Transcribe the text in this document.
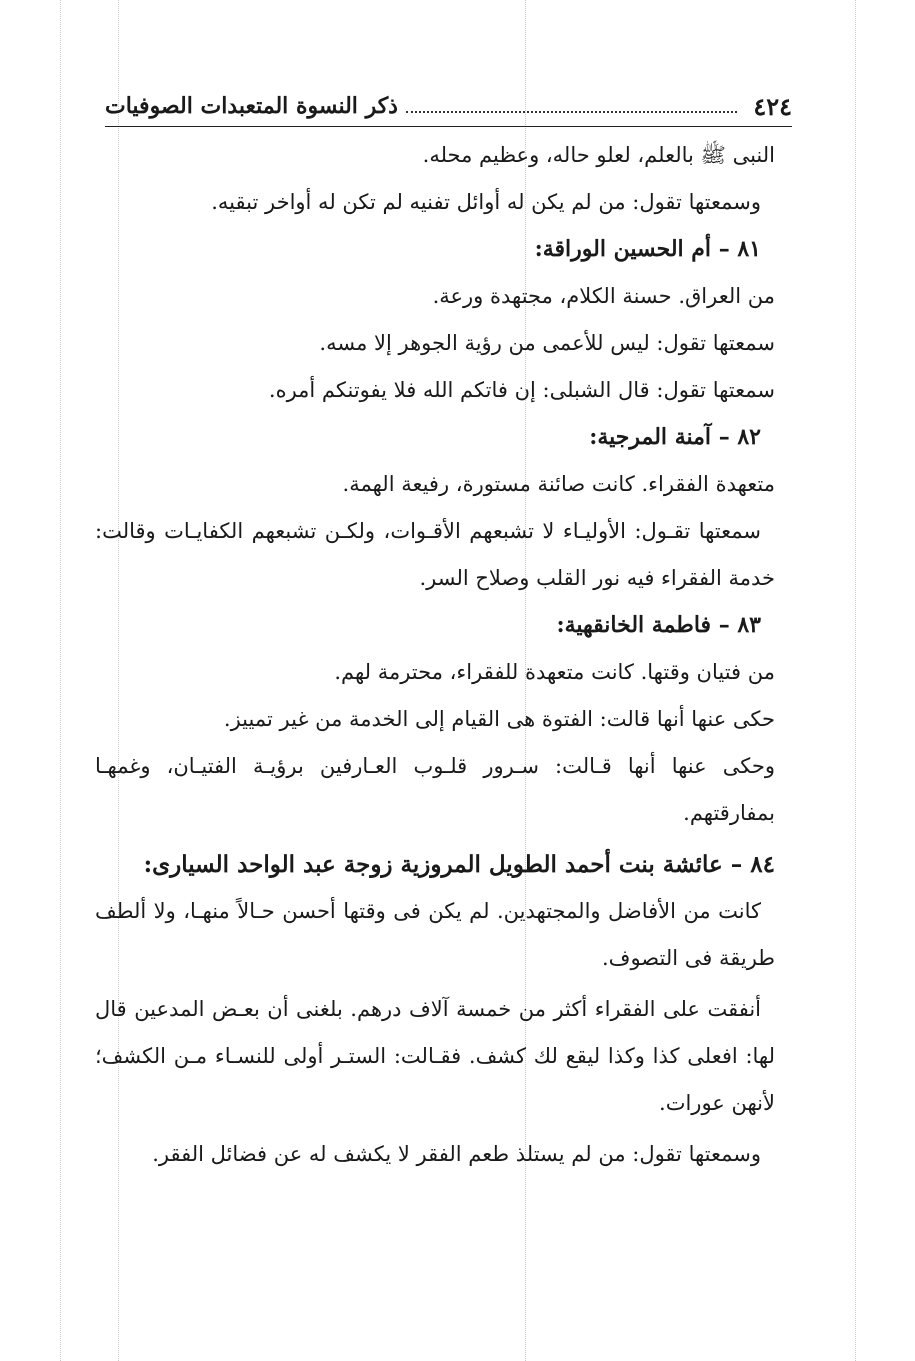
٤٢٤
ذكر النسوة المتعبدات الصوفيات

النبى ﷺ بالعلم، لعلو حاله، وعظيم محله.

وسمعتها تقول: من لم يكن له أوائل تفنيه لم تكن له أواخر تبقيه.

٨١ – أم الحسين الوراقة:

من العراق. حسنة الكلام، مجتهدة ورعة.

سمعتها تقول: ليس للأعمى من رؤية الجوهر إلا مسه.

سمعتها تقول: قال الشبلى: إن فاتكم الله فلا يفوتنكم أمره.

٨٢ – آمنة المرجية:

متعهدة الفقراء. كانت صائنة مستورة، رفيعة الهمة.

سمعتها تقـول: الأوليـاء لا تشبعهم الأقـوات، ولكـن تشبعهم الكفايـات وقالت: خدمة الفقراء فيه نور القلب وصلاح السر.

٨٣ – فاطمة الخانقهية:

من فتيان وقتها. كانت متعهدة للفقراء، محترمة لهم.

حكى عنها أنها قالت: الفتوة هى القيام إلى الخدمة من غير تمييز.

وحكى عنها أنها قـالت: سـرور قلـوب العـارفين برؤيـة الفتيـان، وغمهـا بمفارقتهم.

٨٤ – عائشة بنت أحمد الطويل المروزية زوجة عبد الواحد السيارى:

كانت من الأفاضل والمجتهدين. لم يكن فى وقتها أحسن حـالاً منهـا، ولا ألطف طريقة فى التصوف.

أنفقت على الفقراء أكثر من خمسة آلاف درهم. بلغنى أن بعـض المدعين قال لها: افعلى كذا وكذا ليقع لك كشف. فقـالت: الستـر أولى للنسـاء مـن الكشف؛ لأنهن عورات.

وسمعتها تقول: من لم يستلذ طعم الفقر لا يكشف له عن فضائل الفقر.
